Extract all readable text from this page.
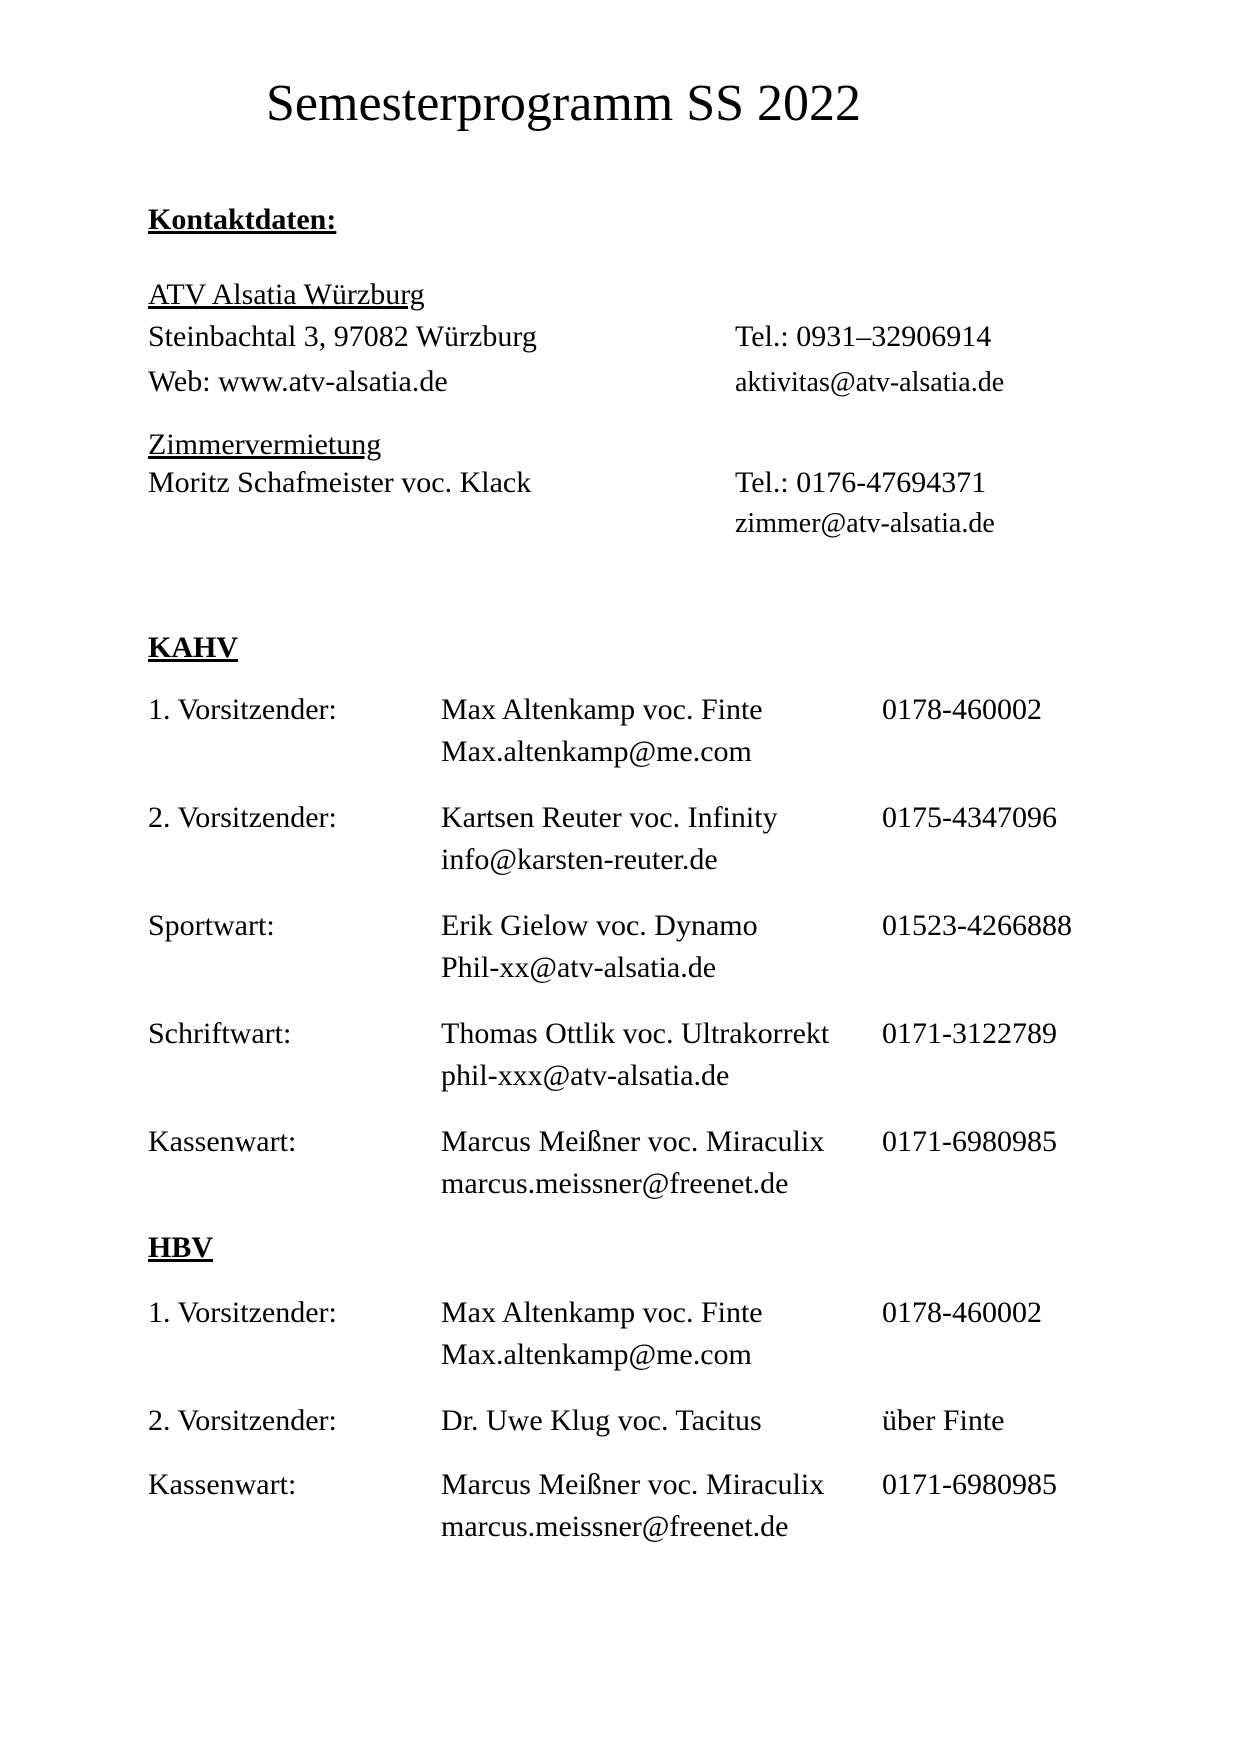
Semesterprogramm SS 2022
Kontaktdaten:
ATV Alsatia Würzburg
Steinbachtal 3, 97082 Würzburg	Tel.: 0931–32906914
Web: www.atv-alsatia.de	aktivitas@atv-alsatia.de
Zimmervermietung
Moritz Schafmeister voc. Klack	Tel.: 0176-47694371
zimmer@atv-alsatia.de
KAHV
1. Vorsitzender:	Max Altenkamp voc. Finte	0178-460002
Max.altenkamp@me.com
2. Vorsitzender:	Kartsen Reuter voc. Infinity	0175-4347096
info@karsten-reuter.de
Sportwart:	Erik Gielow voc. Dynamo	01523-4266888
Phil-xx@atv-alsatia.de
Schriftwart:	Thomas Ottlik voc. Ultrakorrekt 0171-3122789
phil-xxx@atv-alsatia.de
Kassenwart:	Marcus Meißner voc. Miraculix 0171-6980985
marcus.meissner@freenet.de
HBV
1. Vorsitzender:	Max Altenkamp voc. Finte	0178-460002
Max.altenkamp@me.com
2. Vorsitzender:	Dr. Uwe Klug voc. Tacitus	über Finte
Kassenwart:	Marcus Meißner voc. Miraculix 0171-6980985
marcus.meissner@freenet.de
